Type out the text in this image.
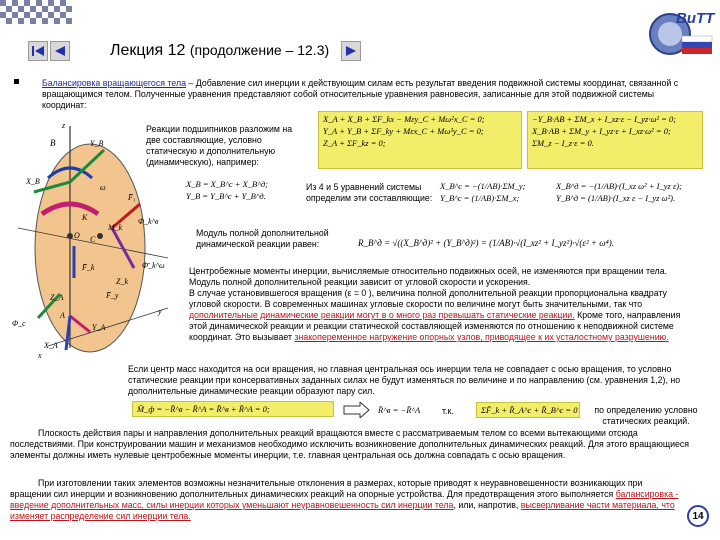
Лекция 12 (продолжение – 12.3)
ВиТТ
Балансировка вращающегося тела – Добавление сил инерции к действующим силам есть результат введения подвижной системы координат, связанной с вращающимся телом. Полученные уравнения представляют собой относительные уравнения равновесия, записанные для этой подвижной системы координат:
X_A + X_B + ΣF_kx − Mεy_C + Mω²x_C = 0;
Y_A + Y_B + ΣF_ky + Mεx_C + Mω²y_C = 0;
Z_A + ΣF_kz = 0;
−Y_B·AB + ΣM_x + I_xz·ε − I_yz·ω² = 0;
X_B·AB + ΣM_y + I_yz·ε + I_xz·ω² = 0;
ΣM_z − I_z·ε = 0.
Реакции подшипников разложим на две составляющие, условно статическую и дополнительную (динамическую), например:
X_B = X_B^c + X_B^д;
Y_B = Y_B^c + Y_B^д.
Из 4 и 5 уравнений системы определим эти составляющие:
X_B^c = −(1/AB)·ΣM_y;
Y_B^c = (1/AB)·ΣM_x;
X_B^д = −(1/AB)·(I_xz ω² + I_yz ε);
Y_B^д = (1/AB)·(I_xz ε − I_yz ω²).
Модуль полной дополнительной динамической реакции равен:	R_B^д = √((X_B^д)² + (Y_B^д)²) = (1/AB)·√(I_xz² + I_yz²)·√(ε² + ω⁴).
z
B	Y_B
X_B
ω
F̄₁
K
M_k
Φ_k^в
O C
F̄_k	Φ̄_k^ω
Z_k
F̄_y
A
Z_A
Y_A
X_A
x
y
Φ_c
Центробежные моменты инерции, вычисляемые относительно подвижных осей, не изменяются при вращении тела. Модуль полной дополнительной реакции зависит от угловой скорости и ускорения.
В случае установившегося вращения (ε = 0 ), величина полной дополнительной реакции пропорциональна квадрату угловой скорости. В современных машинах угловые скорости по величине могут быть значительными, так что дополнительные динамические реакции могут в о много раз превышать статические реакции. Кроме того, направления этой динамической реакции и реакции статической составляющей изменяются по отношению к неподвижной системе координат. Это вызывает знакопеременное нагружение опорных узлов, приводящее к их усталостному разрушению.
Если центр масс находится на оси вращения, но главная центральная ось инерции тела не совпадает с осью вращения, то условно статические реакции при консервативных заданных силах не будут изменяться по величине и по направлению (см. уравнения 1,2), но дополнительные динамические реакции образуют пару сил.
M̄_ф = −R̄^в − R̄^A = R̄^в + R̄^A = 0;	R̄^в = −R̄^A т.к.	ΣF̄_k + R̄_A^c + R̄_B^c = 0	по определению условно статических реакций.
Плоскость действия пары и направления дополнительных реакций вращаются вместе с рассматриваемым телом со всеми вытекающими отсюда последствиями. При конструировании машин и механизмов необходимо исключить возникновение дополнительных динамических реакций. Для этого вращающиеся элементы должны иметь нулевые центробежные моменты инерции, т.е. главная центральная ось должна совпадать с осью вращения.
При изготовлении таких элементов возможны незначительные отклонения в размерах, которые приводят к неуравновешенности возникающих при вращении сил инерции и возникновению дополнительных динамических реакций на опорные устройства. Для предотвращения этого выполняется балансировка - введение дополнительных масс, силы инерции которых уменьшают неуравновешенность сил инерции тела, или, напротив, высверливание части материала, что изменяет распределение сил инерции тела.	14
